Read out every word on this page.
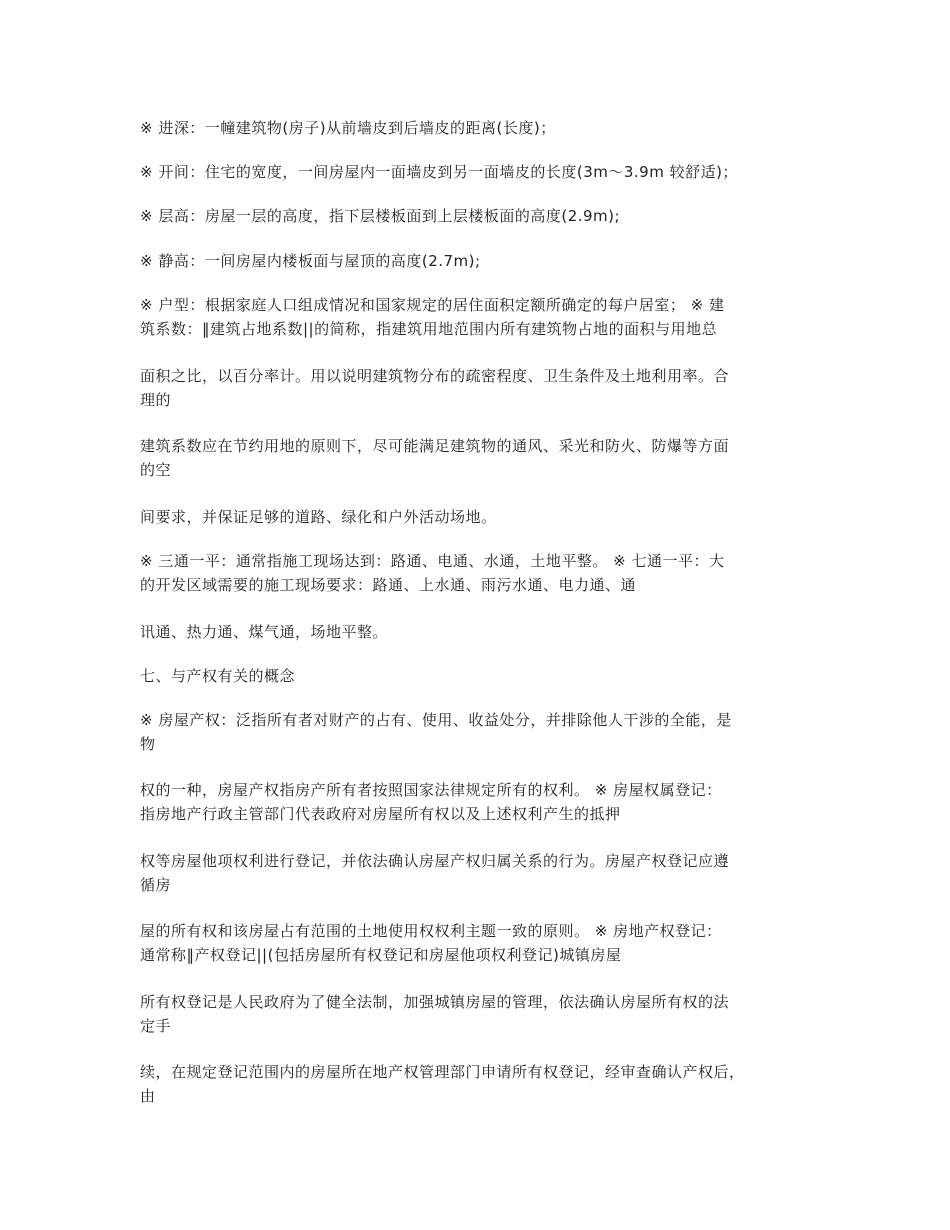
※ 进深：一幢建筑物(房子)从前墙皮到后墙皮的距离(长度)；

※ 开间：住宅的宽度，一间房屋内一面墙皮到另一面墙皮的长度(3m～3.9m 较舒适)；

※ 层高：房屋一层的高度，指下层楼板面到上层楼板面的高度(2.9m);

※ 静高：一间房屋内楼板面与屋顶的高度(2.7m);

※ 户型：根据家庭人口组成情况和国家规定的居住面积定额所确定的每户居室； ※ 建
筑系数：‖建筑占地系数||的简称，指建筑用地范围内所有建筑物占地的面积与用地总

面积之比，以百分率计。用以说明建筑物分布的疏密程度、卫生条件及土地利用率。合
理的

建筑系数应在节约用地的原则下，尽可能满足建筑物的通风、采光和防火、防爆等方面
的空

间要求，并保证足够的道路、绿化和户外活动场地。

※ 三通一平：通常指施工现场达到：路通、电通、水通，土地平整。 ※ 七通一平：大
的开发区域需要的施工现场要求：路通、上水通、雨污水通、电力通、通

讯通、热力通、煤气通，场地平整。

七、与产权有关的概念

※ 房屋产权：泛指所有者对财产的占有、使用、收益处分，并排除他人干涉的全能，是
物

权的一种，房屋产权指房产所有者按照国家法律规定所有的权利。 ※ 房屋权属登记：
指房地产行政主管部门代表政府对房屋所有权以及上述权利产生的抵押

权等房屋他项权利进行登记，并依法确认房屋产权归属关系的行为。房屋产权登记应遵
循房

屋的所有权和该房屋占有范围的土地使用权权利主题一致的原则。 ※ 房地产权登记：
通常称‖产权登记||(包括房屋所有权登记和房屋他项权利登记)城镇房屋

所有权登记是人民政府为了健全法制，加强城镇房屋的管理，依法确认房屋所有权的法
定手

续，在规定登记范围内的房屋所在地产权管理部门申请所有权登记，经审查确认产权后，
由
